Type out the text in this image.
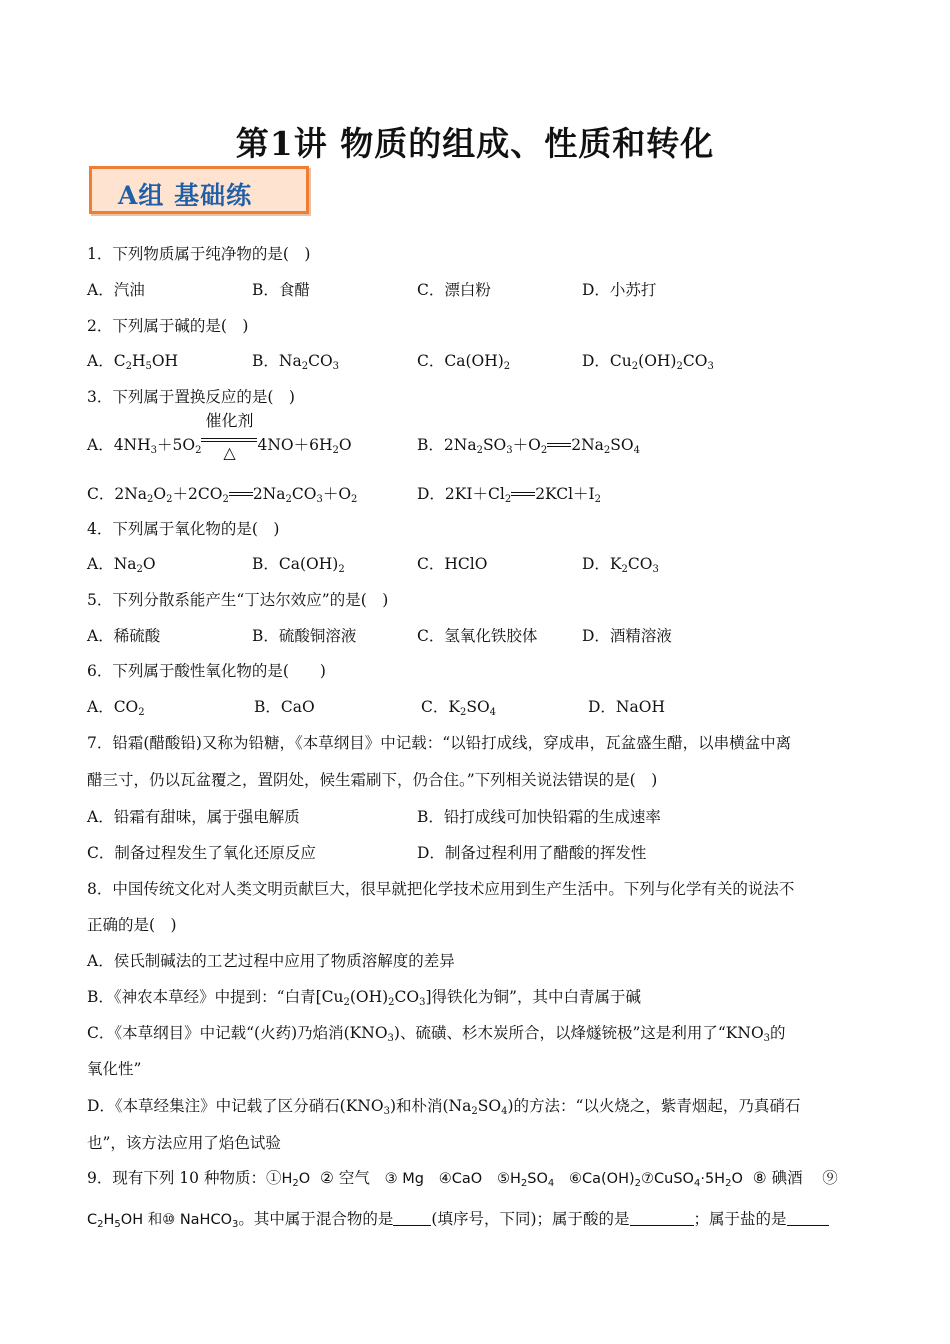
第1讲 物质的组成、性质和转化
A组 基础练
1．下列物质属于纯净物的是(　)
A．汽油	B．食醋	C．漂白粉	D．小苏打
2．下列属于碱的是(　)
A．$C_2H_5OH$	B．$Na_2CO_3$	C．$Ca(OH)_2$	D．$Cu_2(OH)_2CO_3$
3．下列属于置换反应的是(　)
A．$4NH_3+5O_2$
催化剂
△	$4NO+6H_2O$	B．$2Na_2SO_3+O_2$ $2Na_2SO_4$
C．$2Na_2O_2+2CO_2$ $2Na_2CO_3+O_2$	D．$2KI+Cl_2$ $2KCl+I_2$
4．下列属于氧化物的是(　)
A．$Na_2O$	B．$Ca(OH)_2$	C．HClO	D．$K_2CO_3$
5．下列分散系能产生“丁达尔效应”的是(　)
A．稀硫酸	B．硫酸铜溶液	C．氢氧化铁胶体	D．酒精溶液
6．下列属于酸性氧化物的是(　　)
A．$CO_2$	B．CaO	C．$K_2SO_4$	D．NaOH
7．铅霜(醋酸铅)又称为铅糖，《本草纲目》中记载：“以铅打成线，穿成串，瓦盆盛生醋，以串横盆中离
醋三寸，仍以瓦盆覆之，置阴处，候生霜刷下，仍合住。”下列相关说法错误的是(　)
A．铅霜有甜味，属于强电解质	B．铅打成线可加快铅霜的生成速率
C．制备过程发生了氧化还原反应	D．制备过程利用了醋酸的挥发性
8．中国传统文化对人类文明贡献巨大，很早就把化学技术应用到生产生活中。下列与化学有关的说法不
正确的是(　)
A．侯氏制碱法的工艺过程中应用了物质溶解度的差异
B．《神农本草经》中提到：“白青$[Cu_2(OH)_2CO_3]$得铁化为铜”，其中白青属于碱
C．《本草纲目》中记载“(火药)乃焰消$(KNO_3)$、硫磺、杉木炭所合，以烽燧铳极”这是利用了“$KNO_3$的
氧化性”
D．《本草经集注》中记载了区分硝石$(KNO_3)$和朴消$(Na_2SO_4)$的方法：“以火烧之，紫青烟起，乃真硝石
也”，该方法应用了焰色试验
9．现有下列 10 种物质：$①H_2O$ ② 空气 ③ Mg ④CaO $⑤H_2SO_4$ $⑥Ca(OH)_2⑦CuSO_4\cdot 5H_2O$ ⑧ 碘酒 ⑨
$C_2H_5OH$ 和⑩ NaHCO$_3$。其中属于混合物的是 (填序号，下同)；属于酸的是	；属于盐的是
